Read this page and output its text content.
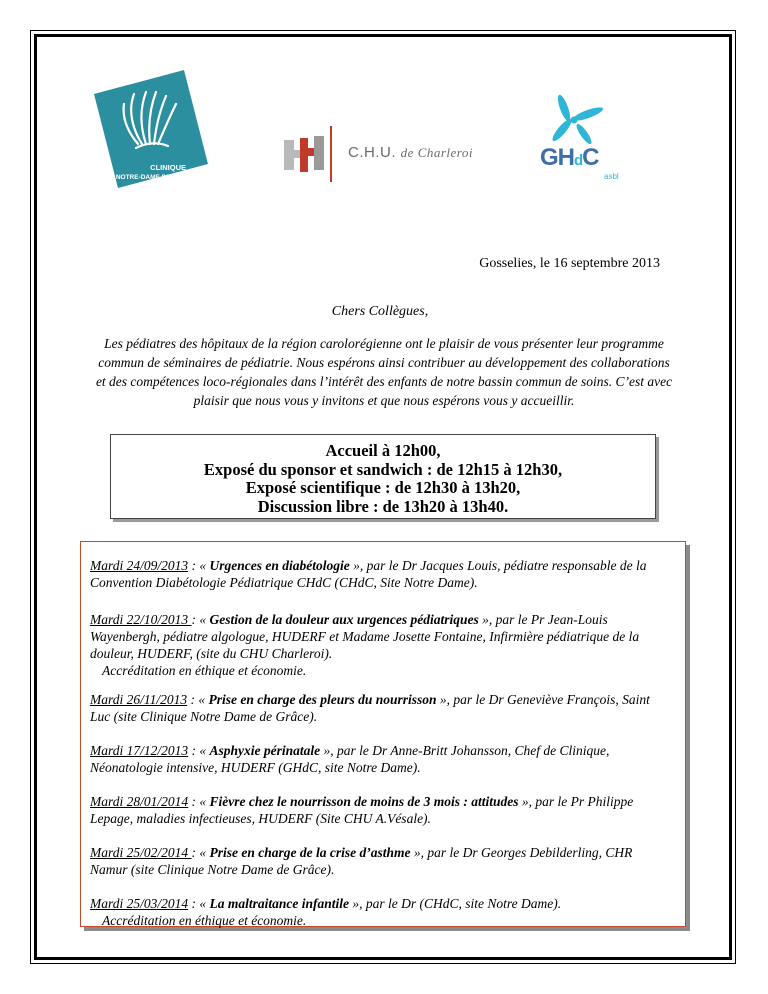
CLINIQUE
NOTRE-DAME DE GRACE
C.H.U. de Charleroi	GHdC
asbl
Gosselies, le 16 septembre 2013
Chers Collègues,
Les pédiatres des hôpitaux de la région carolorégienne ont le plaisir de vous présenter leur programme commun de séminaires de pédiatrie. Nous espérons ainsi contribuer au développement des collaborations et des compétences loco-régionales dans l’intérêt des enfants de notre bassin commun de soins. C’est avec plaisir que nous vous y invitons et que nous espérons vous y accueillir.
Accueil à 12h00,
Exposé du sponsor et sandwich : de 12h15 à 12h30,
Exposé scientifique : de 12h30 à 13h20,
Discussion libre : de 13h20 à 13h40.
Mardi 24/09/2013 : « Urgences en diabétologie », par le Dr Jacques Louis, pédiatre responsable de la Convention Diabétologie Pédiatrique CHdC (CHdC, Site Notre Dame).
Mardi 22/10/2013 : « Gestion de la douleur aux urgences pédiatriques », par le Pr Jean-Louis Wayenbergh, pédiatre algologue, HUDERF et Madame Josette Fontaine, Infirmière pédiatrique de la douleur, HUDERF, (site du CHU Charleroi).
Accréditation en éthique et économie.
Mardi 26/11/2013 : « Prise en charge des pleurs du nourrisson », par le Dr Geneviève François, Saint Luc (site Clinique Notre Dame de Grâce).
Mardi 17/12/2013 : « Asphyxie périnatale », par le Dr Anne-Britt Johansson, Chef de Clinique, Néonatologie intensive, HUDERF (GHdC, site Notre Dame).
Mardi 28/01/2014 : « Fièvre chez le nourrisson de moins de 3 mois : attitudes », par le Pr Philippe Lepage, maladies infectieuses, HUDERF (Site CHU A.Vésale).
Mardi 25/02/2014 : « Prise en charge de la crise d’asthme », par le Dr Georges Debilderling, CHR Namur (site Clinique Notre Dame de Grâce).
Mardi 25/03/2014 : « La maltraitance infantile », par le Dr (CHdC, site Notre Dame).
Accréditation en éthique et économie.
